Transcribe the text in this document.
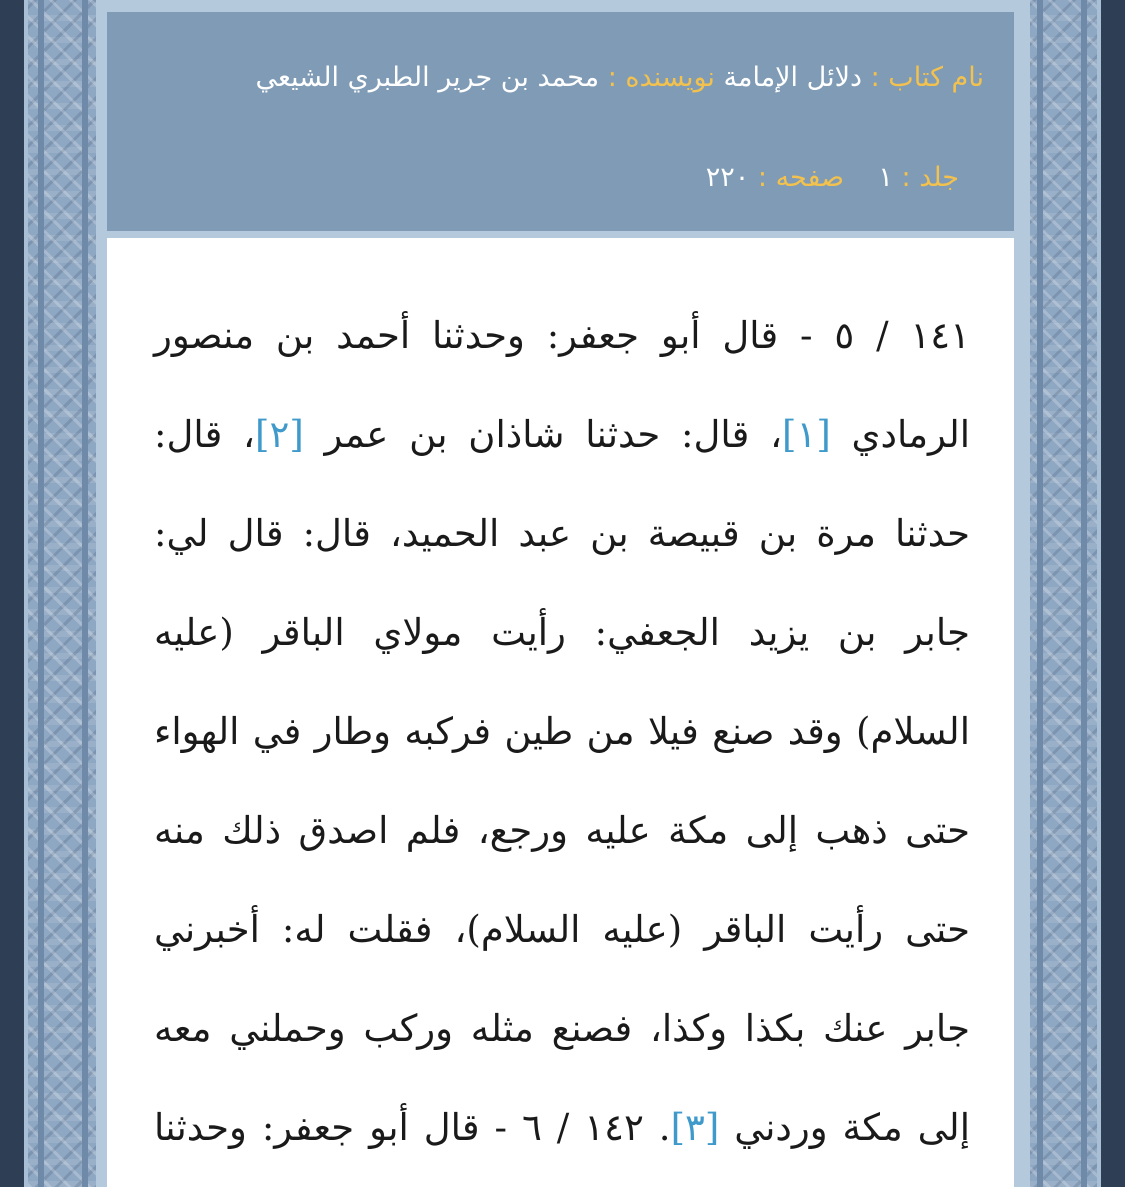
نام کتاب : دلائل الإمامة نويسنده : محمد بن جرير الطبري الشيعي
جلد : ۱    صفحه : ۲۲۰
١٤١ / ٥ - قال أبو جعفر: وحدثنا أحمد بن منصور
الرمادي [١]، قال: حدثنا شاذان بن عمر [٢]، قال:
حدثنا مرة بن قبيصة بن عبد الحميد، قال: قال لي:
جابر بن يزيد الجعفي: رأيت مولاي الباقر (عليه
السلام) وقد صنع فيلا من طين فركبه وطار في الهواء
حتى ذهب إلى مكة عليه ورجع، فلم اصدق ذلك منه
حتى رأيت الباقر (عليه السلام)، فقلت له: أخبرني
جابر عنك بكذا وكذا، فصنع مثله وركب وحملني معه
إلى مكة وردني [٣]. ١٤٢ / ٦ - قال أبو جعفر: وحدثنا
